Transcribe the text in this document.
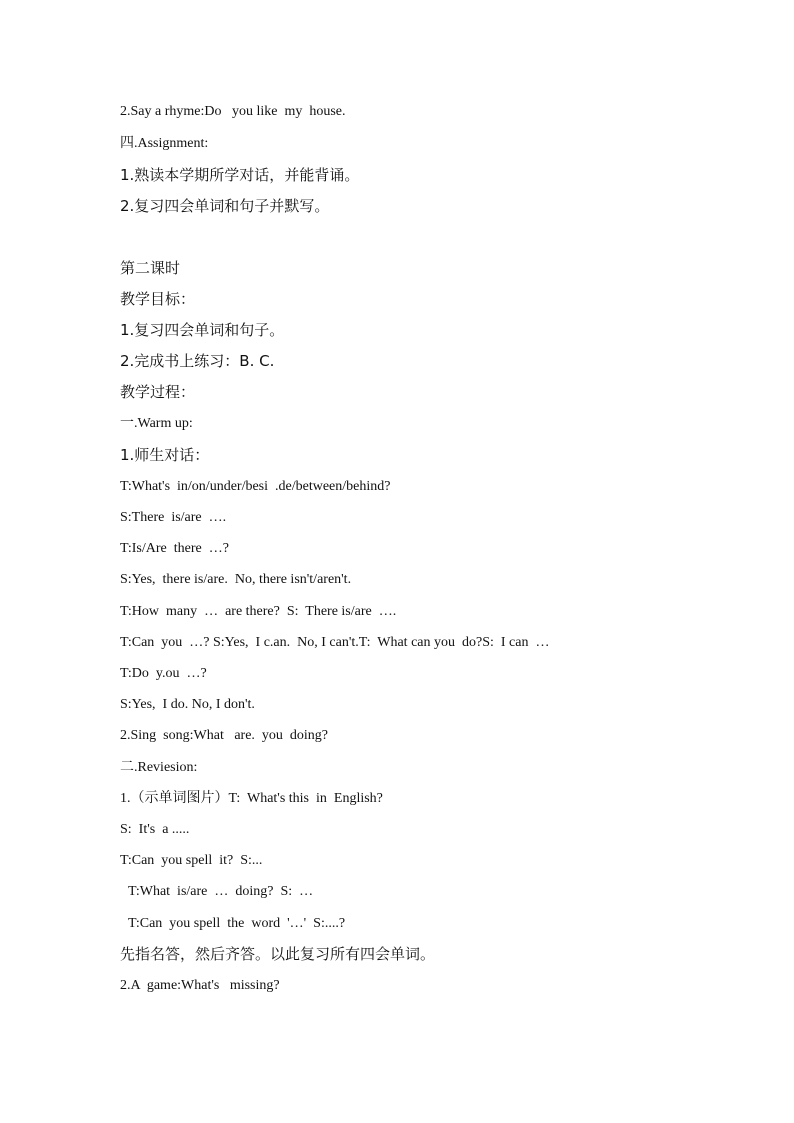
2.Say a rhyme:Do   you like  my  house.
四.Assignment:
1.熟读本学期所学对话，并能背诵。
2.复习四会单词和句子并默写。
第二课时
教学目标：
1.复习四会单词和句子。
2.完成书上练习：B. C.
教学过程：
一.Warm up:
1.师生对话：
T:What's  in/on/under/besi  .de/between/behind?
S:There  is/are  ….
T:Is/Are  there  …?
S:Yes,  there is/are.  No, there isn't/aren't.
T:How  many  …  are there?  S:  There is/are  ….
T:Can  you  …? S:Yes,  I c.an.  No, I can't.T:  What can you  do?S:  I can  …
T:Do  y.ou  …?
S:Yes,  I do. No, I don't.
2.Sing  song:What   are.  you  doing?
二.Reviesion:
1.（示单词图片）T:  What's this  in  English?
S:  It's  a .....
T:Can  you spell  it?  S:...
T:What  is/are  …  doing?  S:  …
T:Can  you spell  the  word  '…'  S:....?
先指名答，然后齐答。以此复习所有四会单词。
2.A  game:What's   missing?
